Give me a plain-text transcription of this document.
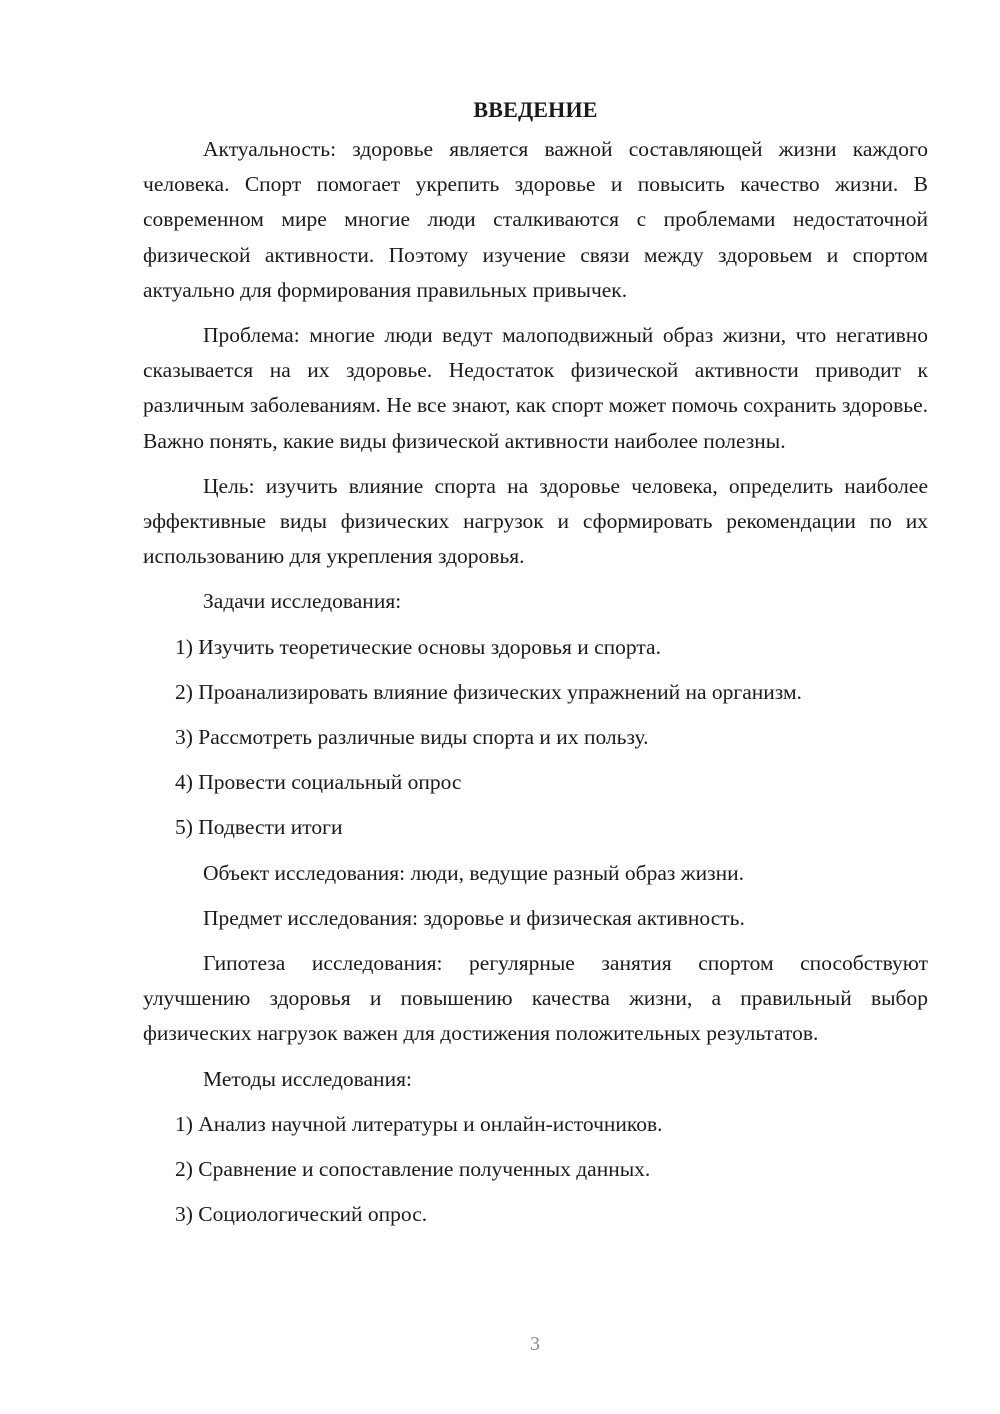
ВВЕДЕНИЕ

Актуальность: здоровье является важной составляющей жизни каждого человека. Спорт помогает укрепить здоровье и повысить качество жизни. В современном мире многие люди сталкиваются с проблемами недостаточной физической активности. Поэтому изучение связи между здоровьем и спортом актуально для формирования правильных привычек.

Проблема: многие люди ведут малоподвижный образ жизни, что негативно сказывается на их здоровье. Недостаток физической активности приводит к различным заболеваниям. Не все знают, как спорт может помочь сохранить здоровье. Важно понять, какие виды физической активности наиболее полезны.

Цель: изучить влияние спорта на здоровье человека, определить наиболее эффективные виды физических нагрузок и сформировать рекомендации по их использованию для укрепления здоровья.

Задачи исследования:

1) Изучить теоретические основы здоровья и спорта.

2) Проанализировать влияние физических упражнений на организм.

3) Рассмотреть различные виды спорта и их пользу.

4) Провести социальный опрос

5) Подвести итоги

Объект исследования: люди, ведущие разный образ жизни.

Предмет исследования: здоровье и физическая активность.

Гипотеза исследования: регулярные занятия спортом способствуют улучшению здоровья и повышению качества жизни, а правильный выбор физических нагрузок важен для достижения положительных результатов.

Методы исследования:

1) Анализ научной литературы и онлайн-источников.

2) Сравнение и сопоставление полученных данных.

3) Социологический опрос.

3
